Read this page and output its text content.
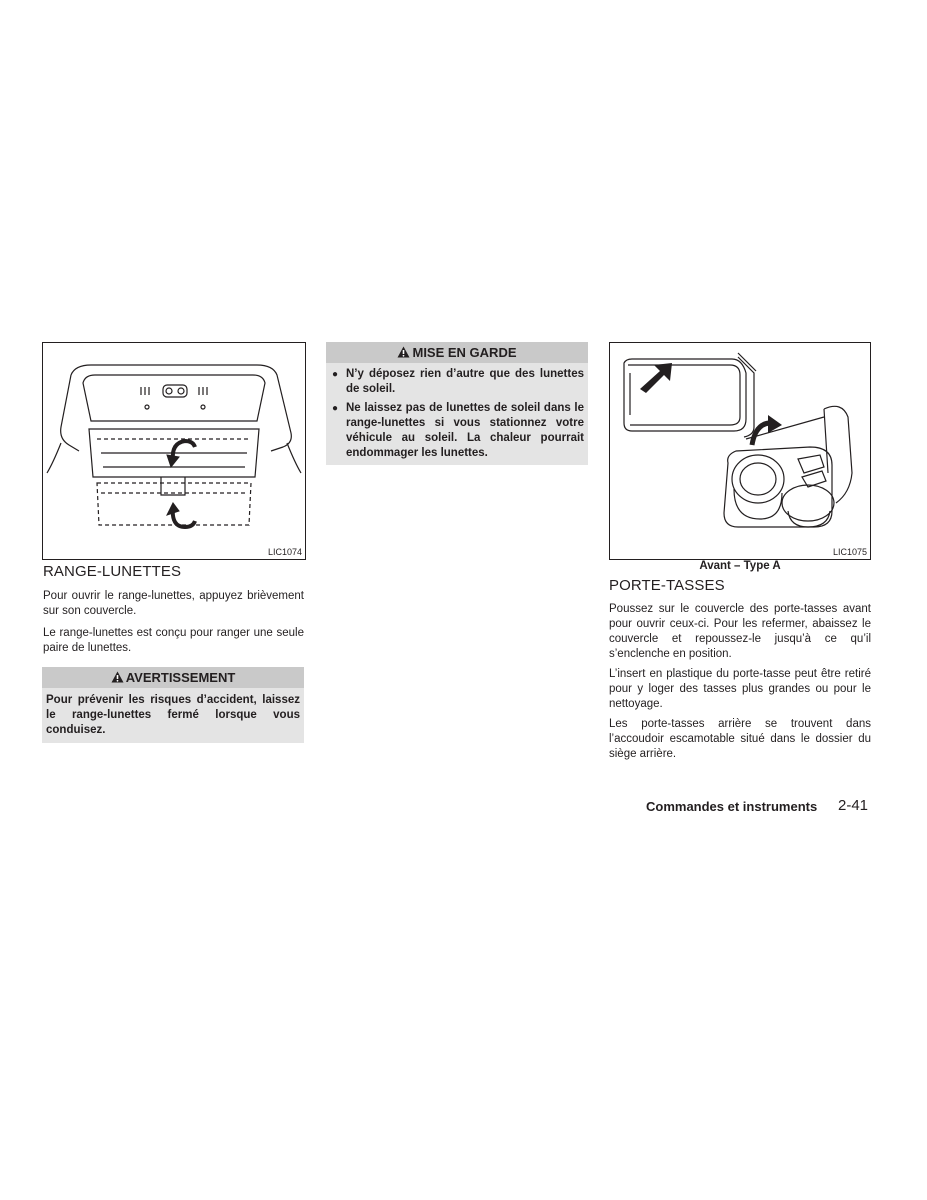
LIC1074
RANGE-LUNETTES
Pour ouvrir le range-lunettes, appuyez brièvement sur son couvercle.
Le range-lunettes est conçu pour ranger une seule paire de lunettes.
AVERTISSEMENT
Pour prévenir les risques d’accident, laissez le range-lunettes fermé lorsque vous conduisez.
MISE EN GARDE
● N’y déposez rien d’autre que des lunettes de soleil.
● Ne laissez pas de lunettes de soleil dans le range-lunettes si vous stationnez votre véhicule au soleil. La chaleur pourrait endommager les lunettes.
LIC1075
Avant – Type A
PORTE-TASSES
Poussez sur le couvercle des porte-tasses avant pour ouvrir ceux-ci. Pour les refermer, abaissez le couvercle et repoussez-le jusqu’à ce qu’il s’enclenche en position.
L’insert en plastique du porte-tasse peut être retiré pour y loger des tasses plus grandes ou pour le nettoyage.
Les porte-tasses arrière se trouvent dans l’accoudoir escamotable situé dans le dossier du siège arrière.
Commandes et instruments 2-41
